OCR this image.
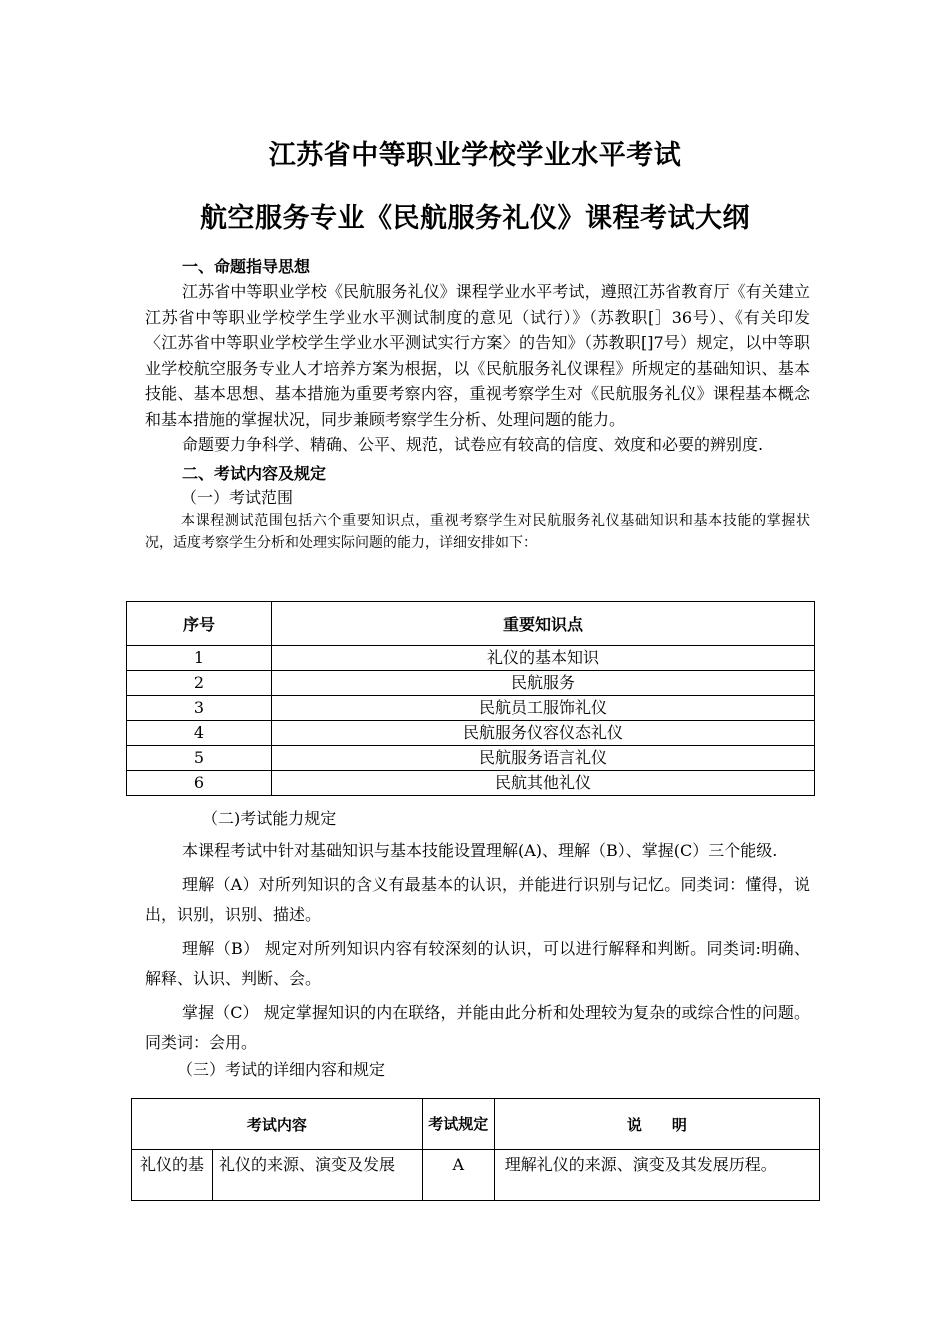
江苏省中等职业学校学业水平考试
航空服务专业《民航服务礼仪》课程考试大纲

一、命题指导思想

江苏省中等职业学校《民航服务礼仪》课程学业水平考试，遵照江苏省教育厅《有关建立江苏省中等职业学校学生学业水平测试制度的意见（试行）》（苏教职[］36号）、《有关印发〈江苏省中等职业学校学生学业水平测试实行方案〉的告知》（苏教职[]7号）规定，以中等职业学校航空服务专业人才培养方案为根据，以《民航服务礼仪课程》所规定的基础知识、基本技能、基本思想、基本措施为重要考察内容，重视考察学生对《民航服务礼仪》课程基本概念和基本措施的掌握状况，同步兼顾考察学生分析、处理问题的能力。

命题要力争科学、精确、公平、规范，试卷应有较高的信度、效度和必要的辨别度.

二、考试内容及规定

（一）考试范围

本课程测试范围包括六个重要知识点，重视考察学生对民航服务礼仪基础知识和基本技能的掌握状况，适度考察学生分析和处理实际问题的能力，详细安排如下：

序号	重要知识点
1	礼仪的基本知识
2	民航服务
3	民航员工服饰礼仪
4	民航服务仪容仪态礼仪
5	民航服务语言礼仪
6	民航其他礼仪

（二)考试能力规定

本课程考试中针对基础知识与基本技能设置理解(A)、理解（B）、掌握(C）三个能级.

理解（A）对所列知识的含义有最基本的认识，并能进行识别与记忆。同类词：懂得，说出，识别，识别、描述。

理解（B） 规定对所列知识内容有较深刻的认识，可以进行解释和判断。同类词:明确、解释、认识、判断、会。

掌握（C） 规定掌握知识的内在联络，并能由此分析和处理较为复杂的或综合性的问题。同类词：会用。

（三）考试的详细内容和规定

考试内容		考试规定	说　　明
礼仪的基	礼仪的来源、演变及发展	A	理解礼仪的来源、演变及其发展历程。
